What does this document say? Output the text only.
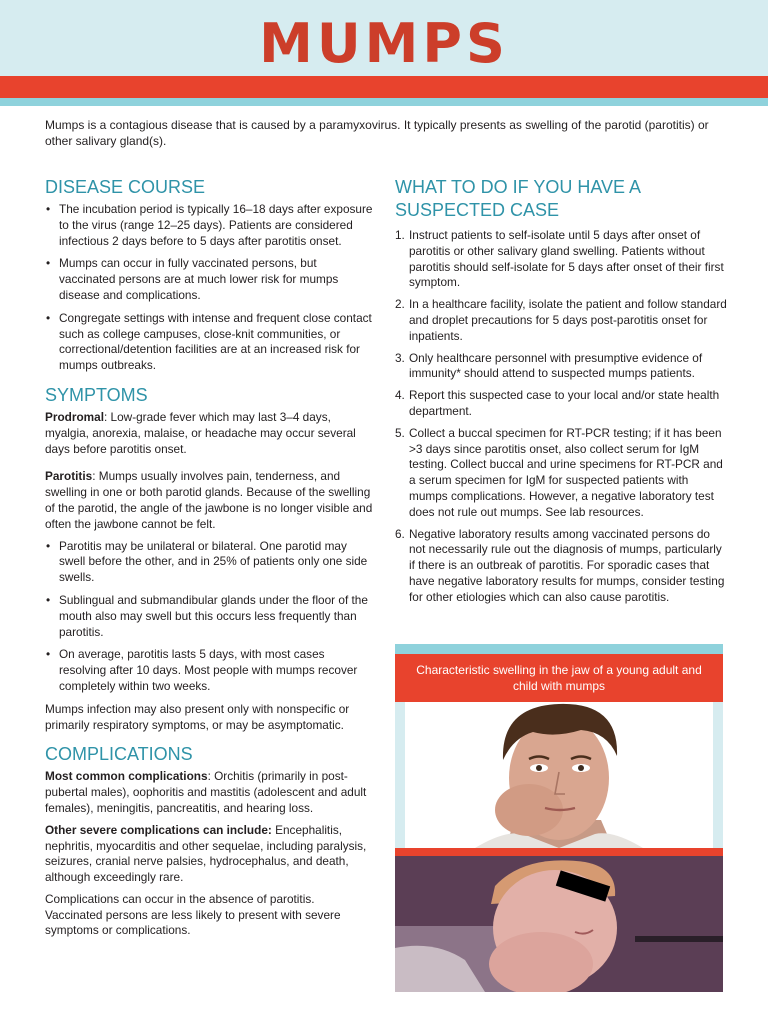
MUMPS
Mumps is a contagious disease that is caused by a paramyxovirus. It typically presents as swelling of the parotid (parotitis) or other salivary gland(s).
DISEASE COURSE
• The incubation period is typically 16–18 days after exposure to the virus (range 12–25 days). Patients are considered infectious 2 days before to 5 days after parotitis onset.
• Mumps can occur in fully vaccinated persons, but vaccinated persons are at much lower risk for mumps disease and complications.
• Congregate settings with intense and frequent close contact such as college campuses, close-knit communities, or correctional/detention facilities are at an increased risk for mumps outbreaks.
SYMPTOMS

Prodromal: Low-grade fever which may last 3–4 days, myalgia, anorexia, malaise, or headache may occur several days before parotitis onset.

Parotitis: Mumps usually involves pain, tenderness, and swelling in one or both parotid glands. Because of the swelling of the parotid, the angle of the jawbone is no longer visible and often the jawbone cannot be felt.

• Parotitis may be unilateral or bilateral. One parotid may swell before the other, and in 25% of patients only one side swells.
• Sublingual and submandibular glands under the floor of the mouth also may swell but this occurs less frequently than parotitis.
• On average, parotitis lasts 5 days, with most cases resolving after 10 days. Most people with mumps recover completely within two weeks.

Mumps infection may also present only with nonspecific or primarily respiratory symptoms, or may be asymptomatic.

COMPLICATIONS

Most common complications: Orchitis (primarily in post-pubertal males), oophoritis and mastitis (adolescent and adult females), meningitis, pancreatitis, and hearing loss.

Other severe complications can include: Encephalitis, nephritis, myocarditis and other sequelae, including paralysis, seizures, cranial nerve palsies, hydrocephalus, and death, although exceedingly rare.

Complications can occur in the absence of parotitis. Vaccinated persons are less likely to present with severe symptoms or complications.

WHAT TO DO IF YOU HAVE A SUSPECTED CASE
1. Instruct patients to self-isolate until 5 days after onset of parotitis or other salivary gland swelling. Patients without parotitis should self-isolate for 5 days after onset of their first symptom.
2. In a healthcare facility, isolate the patient and follow standard and droplet precautions for 5 days post-parotitis onset for inpatients.
3. Only healthcare personnel with presumptive evidence of immunity* should attend to suspected mumps patients.
4. Report this suspected case to your local and/or state health department.
5. Collect a buccal specimen for RT-PCR testing; if it has been >3 days since parotitis onset, also collect serum for IgM testing. Collect buccal and urine specimens for RT-PCR and a serum specimen for IgM for suspected patients with mumps complications. However, a negative laboratory test does not rule out mumps. See lab resources.
6. Negative laboratory results among vaccinated persons do not necessarily rule out the diagnosis of mumps, particularly if there is an outbreak of parotitis. For sporadic cases that have negative laboratory results for mumps, consider testing for other etiologies which can also cause parotitis.
Characteristic swelling in the jaw of a young adult and child with mumps
